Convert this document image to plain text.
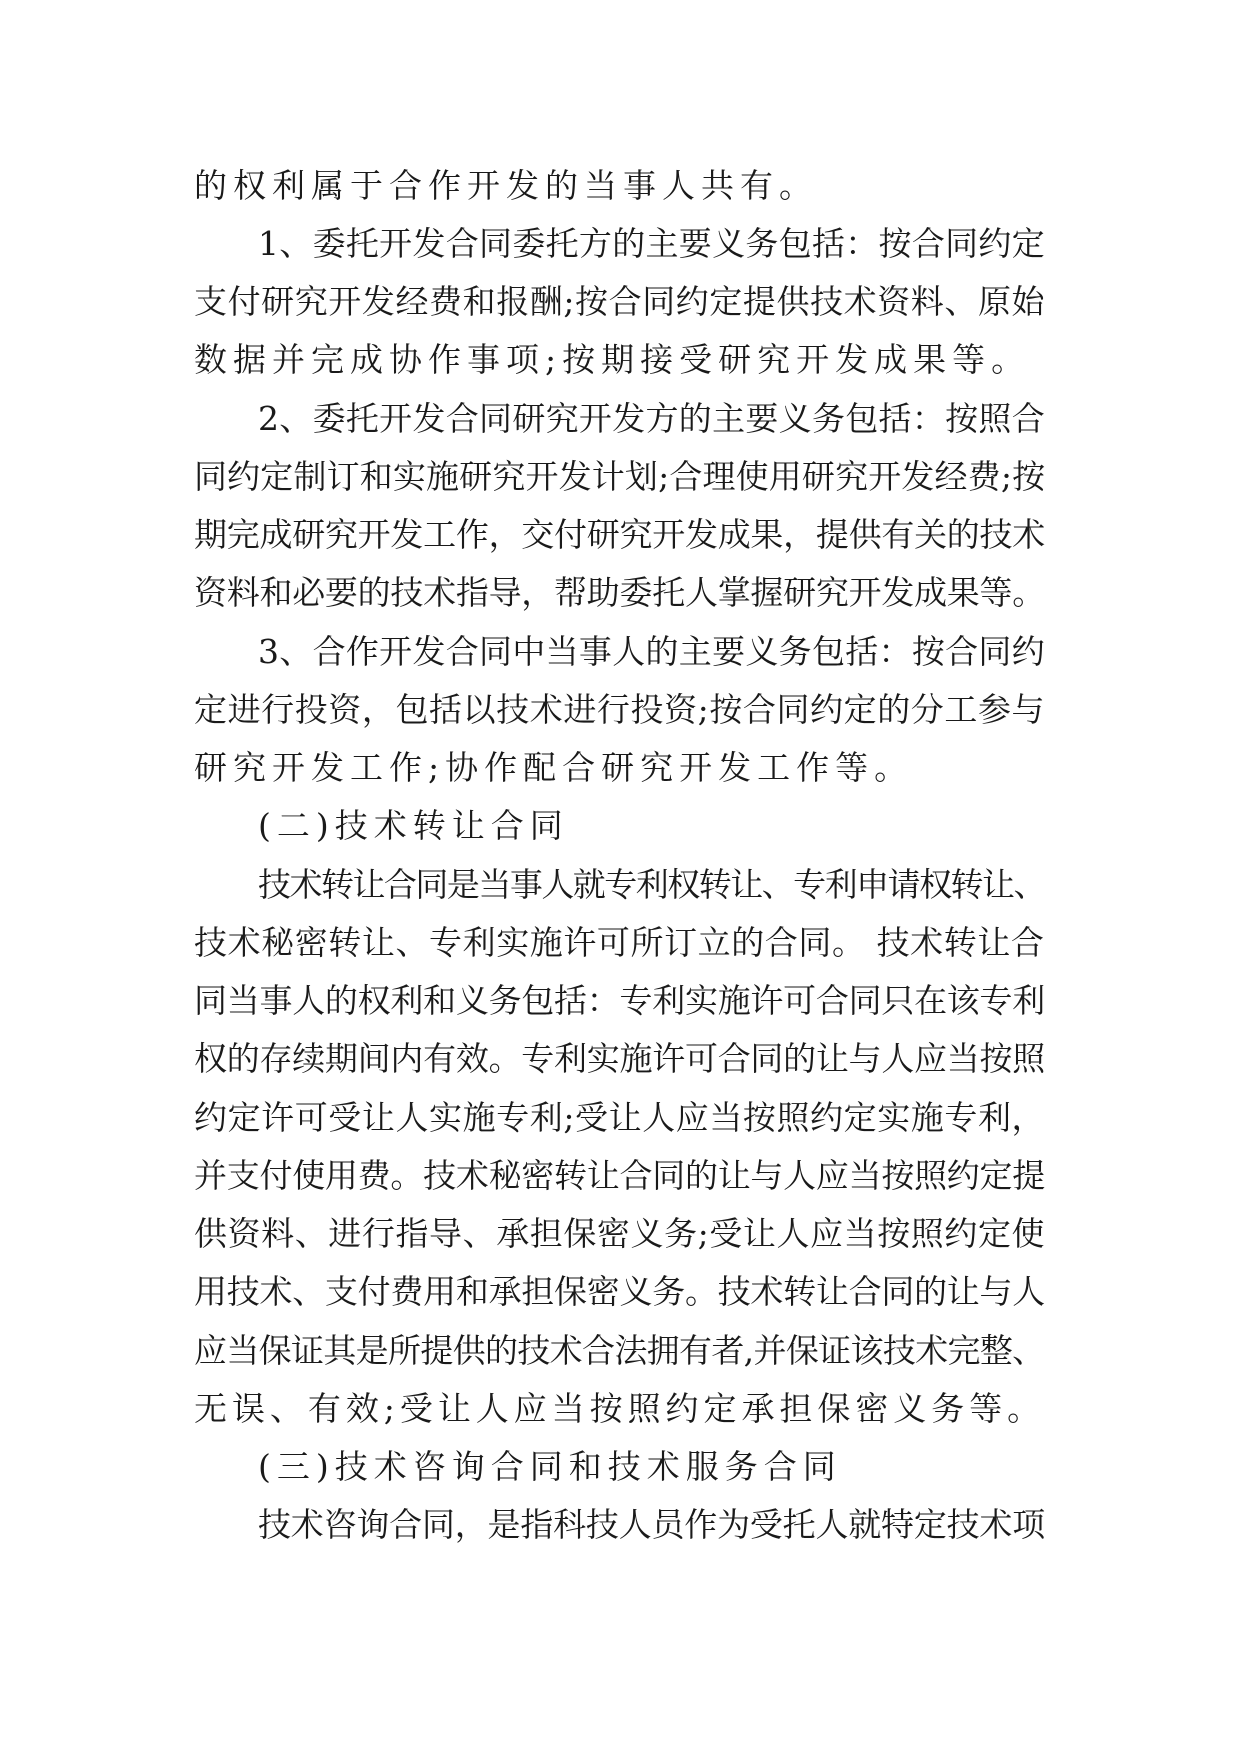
的权利属于合作开发的当事人共有。
1、委托开发合同委托方的主要义务包括：按合同约定
支付研究开发经费和报酬;按合同约定提供技术资料、原始
数据并完成协作事项;按期接受研究开发成果等。
2、委托开发合同研究开发方的主要义务包括：按照合
同约定制订和实施研究开发计划;合理使用研究开发经费;按
期完成研究开发工作，交付研究开发成果，提供有关的技术
资料和必要的技术指导，帮助委托人掌握研究开发成果等。
3、合作开发合同中当事人的主要义务包括：按合同约
定进行投资，包括以技术进行投资;按合同约定的分工参与
研究开发工作;协作配合研究开发工作等。
(二)技术转让合同
技术转让合同是当事人就专利权转让、专利申请权转让、
技术秘密转让、专利实施许可所订立的合同。 技术转让合
同当事人的权利和义务包括：专利实施许可合同只在该专利
权的存续期间内有效。专利实施许可合同的让与人应当按照
约定许可受让人实施专利;受让人应当按照约定实施专利，
并支付使用费。技术秘密转让合同的让与人应当按照约定提
供资料、进行指导、承担保密义务;受让人应当按照约定使
用技术、支付费用和承担保密义务。技术转让合同的让与人
应当保证其是所提供的技术合法拥有者,并保证该技术完整、
无误、有效;受让人应当按照约定承担保密义务等。
(三)技术咨询合同和技术服务合同
技术咨询合同，是指科技人员作为受托人就特定技术项
